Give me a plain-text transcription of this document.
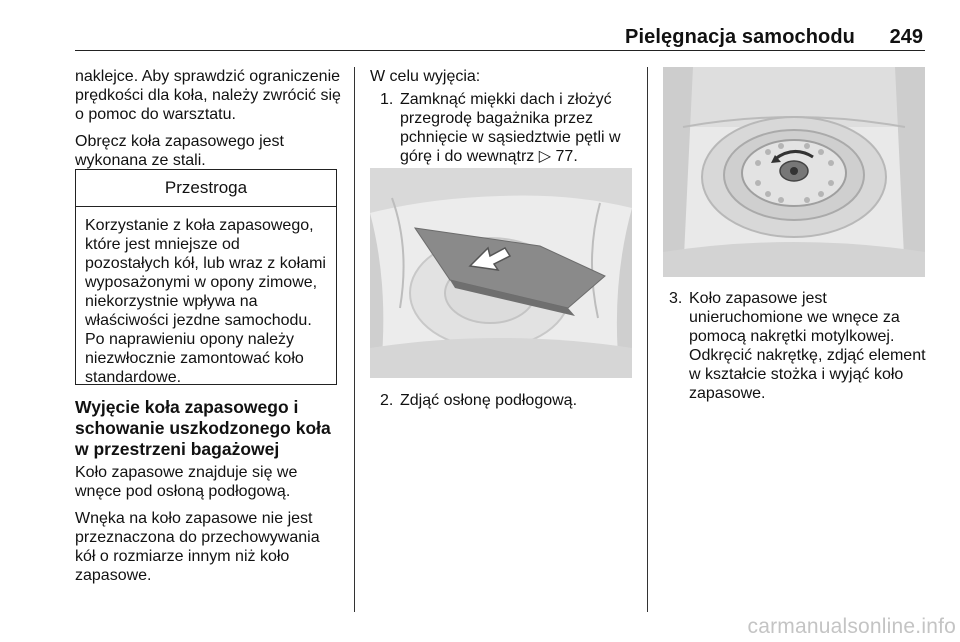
Pielęgnacja samochodu 249

naklejce. Aby sprawdzić ograniczenie prędkości dla koła, należy zwrócić się o pomoc do warsztatu.

Obręcz koła zapasowego jest wykonana ze stali.

Przestroga
Korzystanie z koła zapasowego, które jest mniejsze od pozostałych kół, lub wraz z kołami wyposażonymi w opony zimowe, niekorzystnie wpływa na właściwości jezdne samochodu. Po naprawieniu opony należy niezwłocznie zamontować koło standardowe.
Wyjęcie koła zapasowego i schowanie uszkodzonego koła w przestrzeni bagażowej

Koło zapasowe znajduje się we wnęce pod osłoną podłogową.

Wnęka na koło zapasowe nie jest przeznaczona do przechowywania kół o rozmiarze innym niż koło zapasowe.

W celu wyjęcia:

1. Zamknąć miękki dach i złożyć przegrodę bagażnika przez pchnięcie w sąsiedztwie pętli w górę i do wewnątrz ▷ 77.
2. Zdjąć osłonę podłogową.
3. Koło zapasowe jest unieruchomione we wnęce za pomocą nakrętki motylkowej. Odkręcić nakrętkę, zdjąć element w kształcie stożka i wyjąć koło zapasowe.
carmanualsonline.info
